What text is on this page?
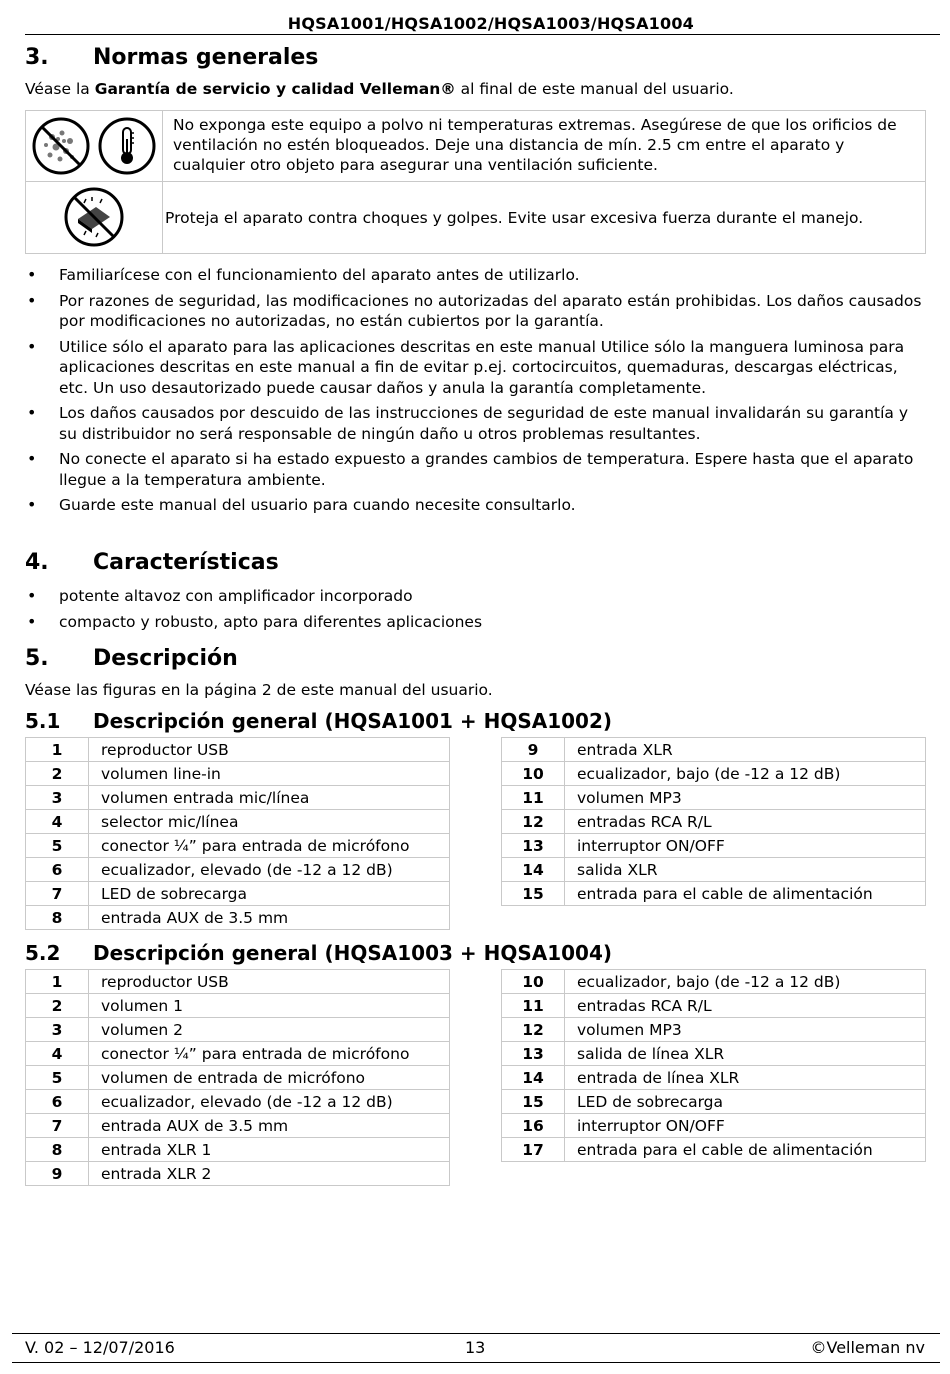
HQSA1001/HQSA1002/HQSA1003/HQSA1004
3. Normas generales
Véase la Garantía de servicio y calidad Velleman® al final de este manual del usuario.
	No exponga este equipo a polvo ni temperaturas extremas. Asegúrese de que los orificios de ventilación no estén bloqueados. Deje una distancia de mín. 2.5 cm entre el aparato y cualquier otro objeto para asegurar una ventilación suficiente.
	Proteja el aparato contra choques y golpes. Evite usar excesiva fuerza durante el manejo.
• Familiarícese con el funcionamiento del aparato antes de utilizarlo.
• Por razones de seguridad, las modificaciones no autorizadas del aparato están prohibidas. Los daños causados por modificaciones no autorizadas, no están cubiertos por la garantía.
• Utilice sólo el aparato para las aplicaciones descritas en este manual Utilice sólo la manguera luminosa para aplicaciones descritas en este manual a fin de evitar p.ej. cortocircuitos, quemaduras, descargas eléctricas, etc. Un uso desautorizado puede causar daños y anula la garantía completamente.
• Los daños causados por descuido de las instrucciones de seguridad de este manual invalidarán su garantía y su distribuidor no será responsable de ningún daño u otros problemas resultantes.
• No conecte el aparato si ha estado expuesto a grandes cambios de temperatura. Espere hasta que el aparato llegue a la temperatura ambiente.
• Guarde este manual del usuario para cuando necesite consultarlo.
4. Características
• potente altavoz con amplificador incorporado
• compacto y robusto, apto para diferentes aplicaciones
5. Descripción
Véase las figuras en la página 2 de este manual del usuario.
5.1 Descripción general (HQSA1001 + HQSA1002)
1	reproductor USB
2	volumen line-in
3	volumen entrada mic/línea
4	selector mic/línea
5	conector ¼” para entrada de micrófono
6	ecualizador, elevado (de -12 a 12 dB)
7	LED de sobrecarga
8	entrada AUX de 3.5 mm
9	entrada XLR
10	ecualizador, bajo (de -12 a 12 dB)
11	volumen MP3
12	entradas RCA R/L
13	interruptor ON/OFF
14	salida XLR
15	entrada para el cable de alimentación
5.2 Descripción general (HQSA1003 + HQSA1004)
1	reproductor USB
2	volumen 1
3	volumen 2
4	conector ¼” para entrada de micrófono
5	volumen de entrada de micrófono
6	ecualizador, elevado (de -12 a 12 dB)
7	entrada AUX de 3.5 mm
8	entrada XLR 1
9	entrada XLR 2
10	ecualizador, bajo (de -12 a 12 dB)
11	entradas RCA R/L
12	volumen MP3
13	salida de línea XLR
14	entrada de línea XLR
15	LED de sobrecarga
16	interruptor ON/OFF
17	entrada para el cable de alimentación
V. 02 – 12/07/2016	13	©Velleman nv
